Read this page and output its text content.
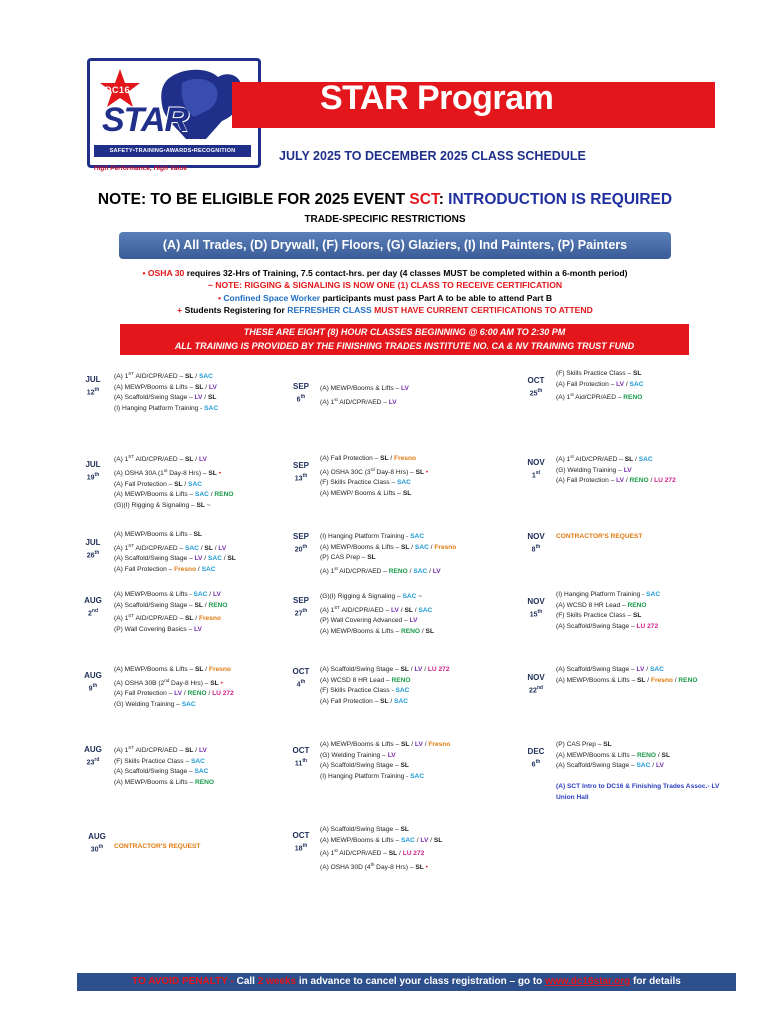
DC16
STAR
SAFETY•TRAINING•AWARDS•RECOGNITION
High Performance, High Value
STAR Program
JULY 2025 TO DECEMBER 2025 CLASS SCHEDULE
NOTE: TO BE ELIGIBLE FOR 2025 EVENT SCT: INTRODUCTION IS REQUIRED
TRADE-SPECIFIC RESTRICTIONS
(A) All Trades, (D) Drywall, (F) Floors, (G) Glaziers, (I) Ind Painters, (P) Painters
• OSHA 30 requires 32-Hrs of Training, 7.5 contact-hrs. per day (4 classes MUST be completed within a 6-month period)
~ NOTE: RIGGING & SIGNALING IS NOW ONE (1) CLASS TO RECEIVE CERTIFICATION
• Confined Space Worker participants must pass Part A to be able to attend Part B
+ Students Registering for REFRESHER CLASS MUST HAVE CURRENT CERTIFICATIONS TO ATTEND
THESE ARE EIGHT (8) HOUR CLASSES BEGINNING @ 6:00 AM TO 2:30 PM
ALL TRAINING IS PROVIDED BY THE FINISHING TRADES INSTITUTE NO. CA & NV TRAINING TRUST FUND
JUL
12th
(A) 1ST AID/CPR/AED – SL / SAC
(A) MEWP/Booms & Lifts – SL / LV
(A) Scaffold/Swing Stage – LV / SL
(I) Hanging Platform Training - SAC
JUL
19th
(A) 1ST AID/CPR/AED – SL / LV
(A) OSHA 30A (1st Day-8 Hrs) – SL •
(A) Fall Protection – SL / SAC
(A) MEWP/Booms & Lifts – SAC / RENO
(G)(I) Rigging & Signaling – SL ~
JUL
26th
(A) MEWP/Booms & Lifts - SL
(A) 1ST AID/CPR/AED – SAC / SL / LV
(A) Scaffold/Swing Stage – LV / SAC / SL
(A) Fall Protection – Fresno / SAC
AUG
2nd
(A) MEWP/Booms & Lifts - SAC / LV
(A) Scaffold/Swing Stage – SL / RENO
(A) 1ST AID/CPR/AED – SL / Fresno
(P) Wall Covering Basics – LV
AUG
9th
(A) MEWP/Booms & Lifts – SL / Fresno
(A) OSHA 30B (2nd Day-8 Hrs) – SL •
(A) Fall Protection – LV / RENO / LU 272
(G) Welding Training – SAC
AUG
23rd
(A) 1ST AID/CPR/AED – SL / LV
(F) Skills Practice Class – SAC
(A) Scaffold/Swing Stage – SAC
(A) MEWP/Booms & Lifts – RENO
AUG
30th	CONTRACTOR'S REQUEST
SEP
6th
(A) MEWP/Booms & Lifts – LV
(A) 1st AID/CPR/AED – LV
SEP
13th
(A) Fall Protection – SL / Fresno
(A) OSHA 30C (3rd Day-8 Hrs) – SL •
(F) Skills Practice Class – SAC
(A) MEWP/ Booms & Lifts – SL
SEP
20th
(I) Hanging Platform Training - SAC
(A) MEWP/Booms & Lifts – SL / SAC / Fresno
(P) CAS Prep – SL
(A) 1st AID/CPR/AED – RENO / SAC / LV
SEP
27th
(G)(I) Rigging & Signaling – SAC ~
(A) 1ST AID/CPR/AED – LV / SL / SAC
(P) Wall Covering Advanced – LV
(A) MEWP/Booms & Lifts – RENO / SL
OCT
4th
(A) Scaffold/Swing Stage – SL / LV / LU 272
(A) WCSD 8 HR Lead – RENO
(F) Skills Practice Class - SAC
(A) Fall Protection – SL / SAC
OCT
11th
(A) MEWP/Booms & Lifts – SL / LV / Fresno
(G) Welding Training – LV
(A) Scaffold/Swing Stage – SL
(I) Hanging Platform Training - SAC
OCT
18th
(A) Scaffold/Swing Stage – SL
(A) MEWP/Booms & Lifts – SAC / LV / SL
(A) 1st AID/CPR/AED – SL / LU 272
(A) OSHA 30D (4th Day-8 Hrs) – SL •
OCT
25th
(F) Skills Practice Class – SL
(A) Fall Protection – LV / SAC
(A) 1st Aid/CPR/AED – RENO
NOV
1st
(A) 1st AID/CPR/AED – SL / SAC
(G) Welding Training – LV
(A) Fall Protection – LV / RENO / LU 272
NOV
8th
CONTRACTOR'S REQUEST
NOV
15th
(I) Hanging Platform Training - SAC
(A) WCSD 8 HR Lead – RENO
(F) Skills Practice Class – SL
(A) Scaffold/Swing Stage – LU 272
NOV
22nd
(A) Scaffold/Swing Stage – LV / SAC
(A) MEWP/Booms & Lifts – SL / Fresno / RENO
DEC
6th
(P) CAS Prep – SL
(A) MEWP/Booms & Lifts – RENO / SL
(A) Scaffold/Swing Stage – SAC / LV

(A) SCT Intro to DC16 & Finishing Trades Assoc.- LV
Union Hall
TO AVOID PENALTY - Call 2 weeks in advance to cancel your class registration – go to www.dc16star.org for details
